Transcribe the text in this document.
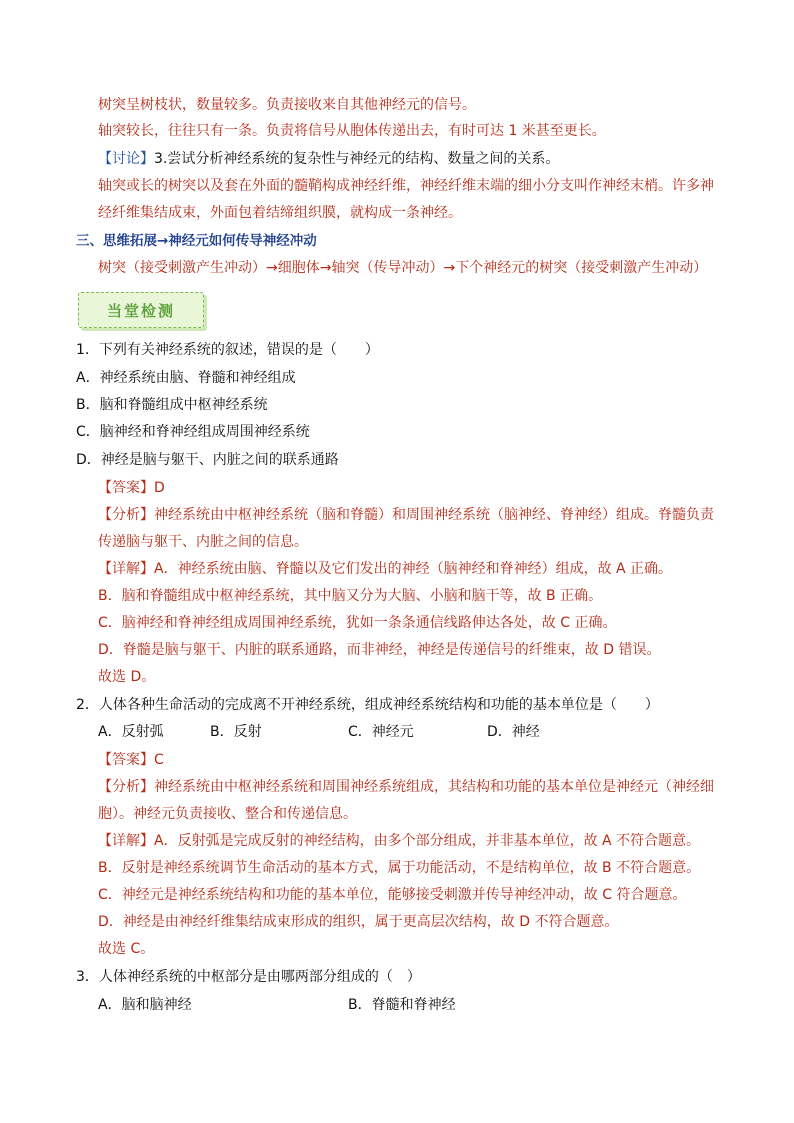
树突呈树枝状，数量较多。负责接收来自其他神经元的信号。
轴突较长，往往只有一条。负责将信号从胞体传递出去，有时可达 1 米甚至更长。
【讨论】3.尝试分析神经系统的复杂性与神经元的结构、数量之间的关系。
轴突或长的树突以及套在外面的髓鞘构成神经纤维，神经纤维末端的细小分支叫作神经末梢。许多神
经纤维集结成束，外面包着结缔组织膜，就构成一条神经。
三、思维拓展→神经元如何传导神经冲动
树突（接受刺激产生冲动）→细胞体→轴突（传导冲动）→下个神经元的树突（接受刺激产生冲动）
当堂检测
1．下列有关神经系统的叙述，错误的是（　　）
A．神经系统由脑、脊髓和神经组成
B．脑和脊髓组成中枢神经系统
C．脑神经和脊神经组成周围神经系统
D．神经是脑与躯干、内脏之间的联系通路
【答案】D
【分析】神经系统由中枢神经系统（脑和脊髓）和周围神经系统（脑神经、脊神经）组成。脊髓负责
传递脑与躯干、内脏之间的信息。
【详解】A．神经系统由脑、脊髓以及它们发出的神经（脑神经和脊神经）组成，故 A 正确。
B．脑和脊髓组成中枢神经系统，其中脑又分为大脑、小脑和脑干等，故 B 正确。
C．脑神经和脊神经组成周围神经系统，犹如一条条通信线路伸达各处，故 C 正确。
D．脊髓是脑与躯干、内脏的联系通路，而非神经，神经是传递信号的纤维束，故 D 错误。
故选 D。
2．人体各种生命活动的完成离不开神经系统，组成神经系统结构和功能的基本单位是（　　）
A．反射弧	B．反射	C．神经元	D．神经
【答案】C
【分析】神经系统由中枢神经系统和周围神经系统组成，其结构和功能的基本单位是神经元（神经细
胞）。神经元负责接收、整合和传递信息。
【详解】A．反射弧是完成反射的神经结构，由多个部分组成，并非基本单位，故 A 不符合题意。
B．反射是神经系统调节生命活动的基本方式，属于功能活动，不是结构单位，故 B 不符合题意。
C．神经元是神经系统结构和功能的基本单位，能够接受刺激并传导神经冲动，故 C 符合题意。
D．神经是由神经纤维集结成束形成的组织，属于更高层次结构，故 D 不符合题意。
故选 C。
3．人体神经系统的中枢部分是由哪两部分组成的（　）
A．脑和脑神经	B．脊髓和脊神经
